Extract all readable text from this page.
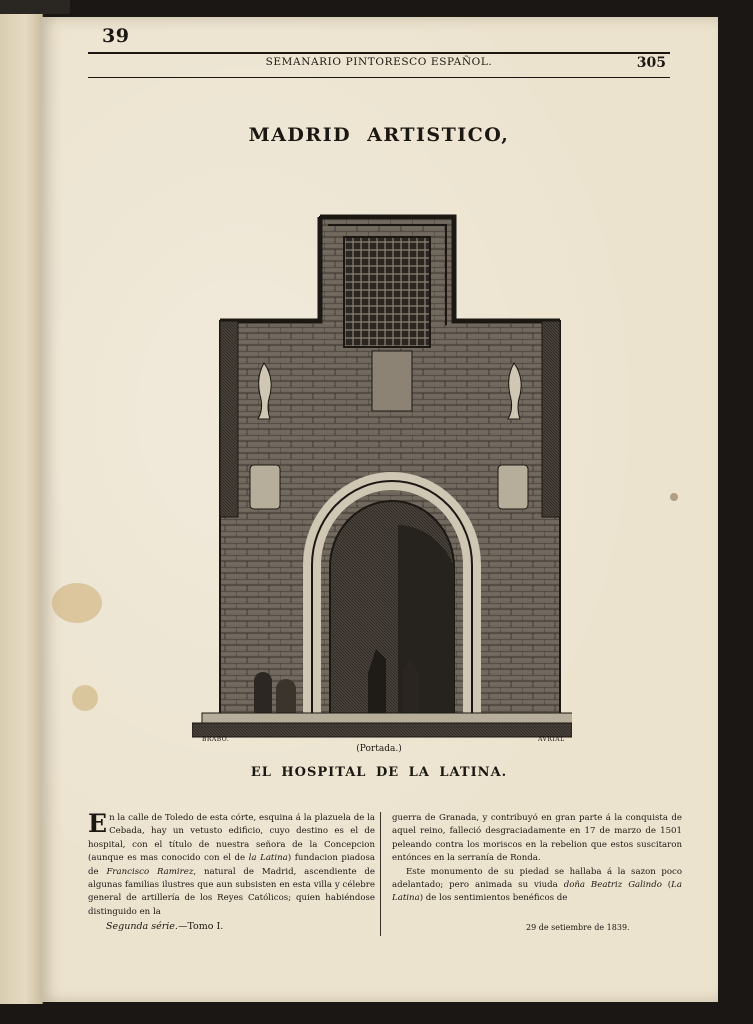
39
SEMANARIO PINTORESCO ESPAÑOL.	305
MADRID ARTISTICO,
BRABO.	AVRIAL
(Portada.)
EL HOSPITAL DE LA LATINA.

En la calle de Toledo de esta córte, esquina á la plazuela de la Cebada, hay un vetusto edificio, cuyo destino es el de hospital, con el título de nuestra señora de la Concepcion (aunque es mas conocido con el de la Latina) fundacion piadosa de Francisco Ramirez, natural de Madrid, ascendiente de algunas familias ilustres que aun subsisten en esta villa y célebre general de artillería de los Reyes Católicos; quien habiéndose distinguido en la

guerra de Granada, y contribuyó en gran parte á la conquista de aquel reino, falleció desgraciadamente en 17 de marzo de 1501 peleando contra los moriscos en la rebelion que estos suscitaron entónces en la serranía de Ronda.

Este monumento de su piedad se hallaba á la sazon poco adelantado; pero animada su viuda doña Beatriz Galindo (La Latina) de los sentimientos benéficos de

Segunda série.—Tomo I.	29 de setiembre de 1839.
